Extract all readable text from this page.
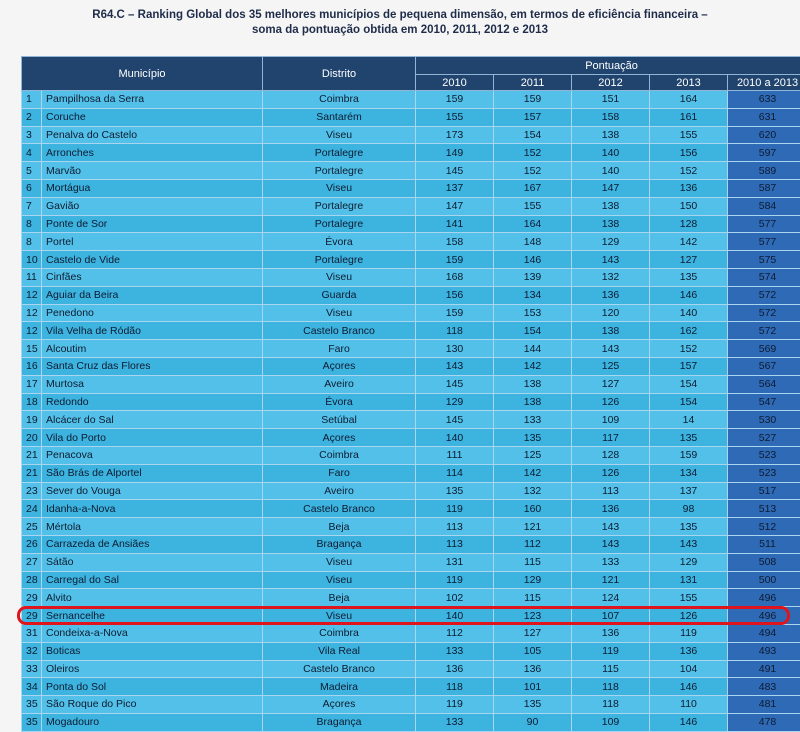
R64.C – Ranking Global dos 35 melhores municípios de pequena dimensão, em termos de eficiência financeira –
soma da pontuação obtida em 2010, 2011, 2012 e 2013
Município		Distrito	Pontuação				
			2010	2011	2012	2013	2010 a 2013
1	Pampilhosa da Serra	Coimbra	159	159	151	164	633
2	Coruche	Santarém	155	157	158	161	631
3	Penalva do Castelo	Viseu	173	154	138	155	620
4	Arronches	Portalegre	149	152	140	156	597
5	Marvão	Portalegre	145	152	140	152	589
6	Mortágua	Viseu	137	167	147	136	587
7	Gavião	Portalegre	147	155	138	150	584
8	Ponte de Sor	Portalegre	141	164	138	128	577
8	Portel	Évora	158	148	129	142	577
10	Castelo de Vide	Portalegre	159	146	143	127	575
11	Cinfães	Viseu	168	139	132	135	574
12	Aguiar da Beira	Guarda	156	134	136	146	572
12	Penedono	Viseu	159	153	120	140	572
12	Vila Velha de Ródão	Castelo Branco	118	154	138	162	572
15	Alcoutim	Faro	130	144	143	152	569
16	Santa Cruz das Flores	Açores	143	142	125	157	567
17	Murtosa	Aveiro	145	138	127	154	564
18	Redondo	Évora	129	138	126	154	547
19	Alcácer do Sal	Setúbal	145	133	109	14	530
20	Vila do Porto	Açores	140	135	117	135	527
21	Penacova	Coimbra	111	125	128	159	523
21	São Brás de Alportel	Faro	114	142	126	134	523
23	Sever do Vouga	Aveiro	135	132	113	137	517
24	Idanha-a-Nova	Castelo Branco	119	160	136	98	513
25	Mértola	Beja	113	121	143	135	512
26	Carrazeda de Ansiães	Bragança	113	112	143	143	511
27	Sátão	Viseu	131	115	133	129	508
28	Carregal do Sal	Viseu	119	129	121	131	500
29	Alvito	Beja	102	115	124	155	496
29	Sernancelhe	Viseu	140	123	107	126	496
31	Condeixa-a-Nova	Coimbra	112	127	136	119	494
32	Boticas	Vila Real	133	105	119	136	493
33	Oleiros	Castelo Branco	136	136	115	104	491
34	Ponta do Sol	Madeira	118	101	118	146	483
35	São Roque do Pico	Açores	119	135	118	110	481
35	Mogadouro	Bragança	133	90	109	146	478
